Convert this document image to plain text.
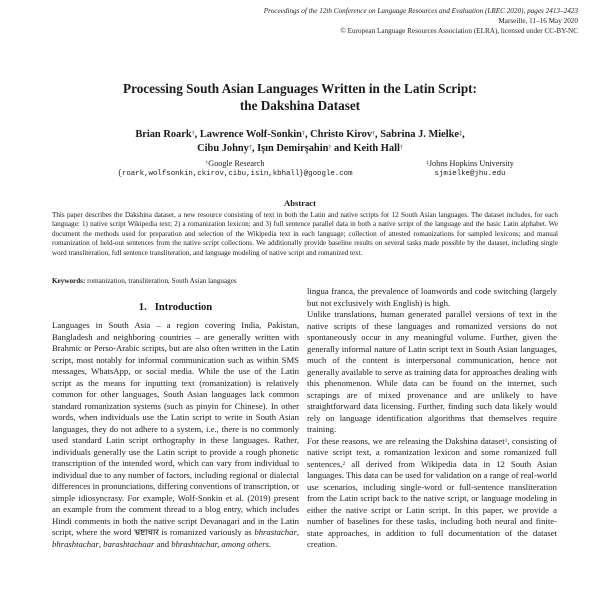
Proceedings of the 12th Conference on Language Resources and Evaluation (LREC 2020), pages 2413–2423
Marseille, 11–16 May 2020
© European Language Resources Association (ELRA), licensed under CC-BY-NC
Processing South Asian Languages Written in the Latin Script:
the Dakshina Dataset
Brian Roark†, Lawrence Wolf-Sonkin†, Christo Kirov†, Sabrina J. Mielke‡,
Cibu Johny†, Işın Demirşahin† and Keith Hall†
†Google Research
{roark,wolfsonkin,ckirov,cibu,isin,kbhall}@google.com
‡Johns Hopkins University
sjmielke@jhu.edu
Abstract
This paper describes the Dakshina dataset, a new resource consisting of text in both the Latin and native scripts for 12 South Asian languages. The dataset includes, for each language: 1) native script Wikipedia text; 2) a romanization lexicon; and 3) full sentence parallel data in both a native script of the language and the basic Latin alphabet. We document the methods used for preparation and selection of the Wikipedia text in each language; collection of attested romanizations for sampled lexicons; and manual romanization of held-out sentences from the native script collections. We additionally provide baseline results on several tasks made possible by the dataset, including single word transliteration, full sentence transliteration, and language modeling of native script and romanized text.
Keywords: romanization, transliteration, South Asian languages
1. Introduction

Languages in South Asia – a region covering India, Pakistan, Bangladesh and neighboring countries – are generally written with Brahmic or Perso-Arabic scripts, but are also often written in the Latin script, most notably for informal communication such as within SMS messages, WhatsApp, or social media. While the use of the Latin script as the means for inputting text (romanization) is relatively common for other languages, South Asian languages lack common standard romanization systems (such as pinyin for Chinese). In other words, when individuals use the Latin script to write in South Asian languages, they do not adhere to a system, i.e., there is no commonly used standard Latin script orthography in these languages. Rather, individuals generally use the Latin script to provide a rough phonetic transcription of the intended word, which can vary from individual to individual due to any number of factors, including regional or dialectal differences in pronunciations, differing conventions of transcription, or simple idiosyncrasy. For example, Wolf-Sonkin et al. (2019) present an example from the comment thread to a blog entry, which includes Hindi comments in both the native script Devanagari and in the Latin script, where the word भ्रष्टाचार is romanized variously as bhrastachar, bhrashtachar, barashtachaar and bhrashtachar, among others.

lingua franca, the prevalence of loanwords and code switching (largely but not exclusively with English) is high.

Unlike translations, human generated parallel versions of text in the native scripts of these languages and romanized versions do not spontaneously occur in any meaningful volume. Further, given the generally informal nature of Latin script text in South Asian languages, much of the content is interpersonal communication, hence not generally available to serve as training data for approaches dealing with this phenomenon. While data can be found on the internet, such scrapings are of mixed provenance and are unlikely to have straightforward data licensing. Further, finding such data likely would rely on language identification algorithms that themselves require training.

For these reasons, we are releasing the Dakshina dataset$^1$, consisting of native script text, a romanization lexicon and some romanized full sentences,$^2$ all derived from Wikipedia data in 12 South Asian languages. This data can be used for validation on a range of real-world use scenarios, including single-word or full-sentence transliteration from the Latin script back to the native script, or language modeling in either the native script or Latin script. In this paper, we provide a number of baselines for these tasks, including both neural and finite-state approaches, in addition to full documentation of the dataset creation.
